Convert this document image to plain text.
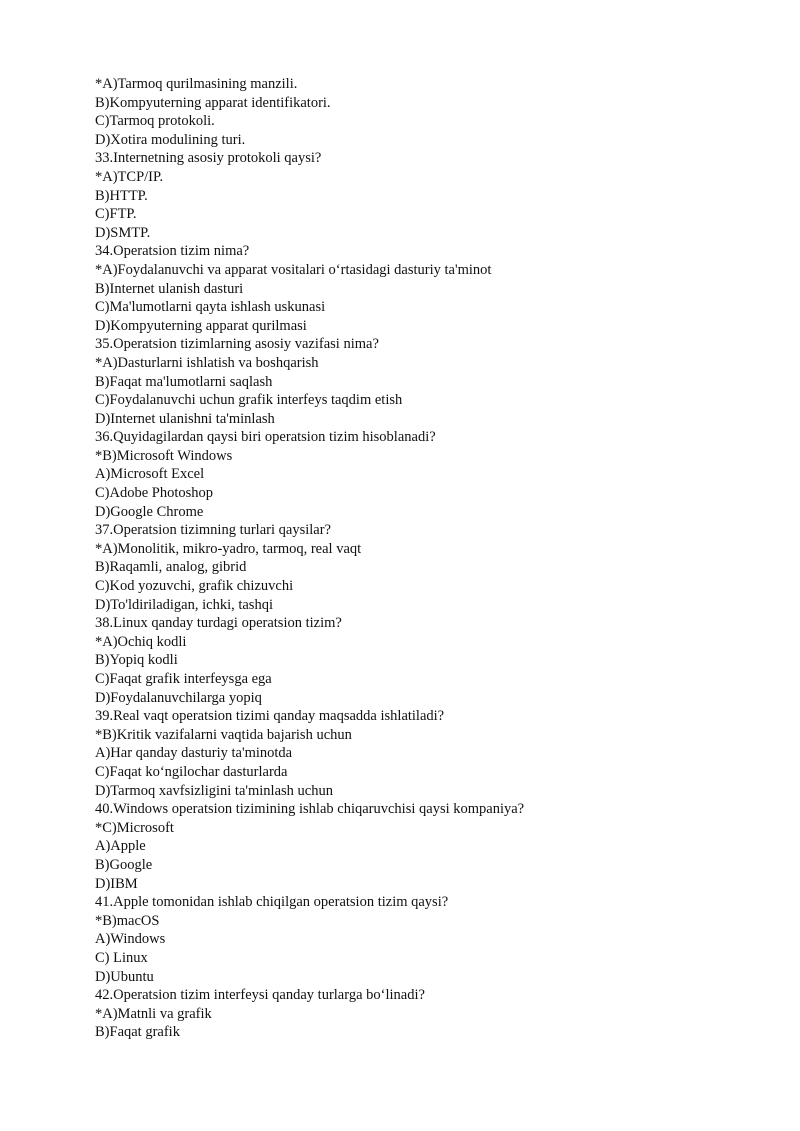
*A)Tarmoq qurilmasining manzili.
B)Kompyuterning apparat identifikatori.
C)Tarmoq protokoli.
D)Xotira modulining turi.
33.Internetning asosiy protokoli qaysi?
*A)TCP/IP.
B)HTTP.
C)FTP.
D)SMTP.
34.Operatsion tizim nima?
*A)Foydalanuvchi va apparat vositalari o‘rtasidagi dasturiy ta'minot
B)Internet ulanish dasturi
C)Ma'lumotlarni qayta ishlash uskunasi
D)Kompyuterning apparat qurilmasi
35.Operatsion tizimlarning asosiy vazifasi nima?
*A)Dasturlarni ishlatish va boshqarish
B)Faqat ma'lumotlarni saqlash
C)Foydalanuvchi uchun grafik interfeys taqdim etish
D)Internet ulanishni ta'minlash
36.Quyidagilardan qaysi biri operatsion tizim hisoblanadi?
*B)Microsoft Windows
A)Microsoft Excel
C)Adobe Photoshop
D)Google Chrome
37.Operatsion tizimning turlari qaysilar?
*A)Monolitik, mikro-yadro, tarmoq, real vaqt
B)Raqamli, analog, gibrid
C)Kod yozuvchi, grafik chizuvchi
D)To'ldiriladigan, ichki, tashqi
38.Linux qanday turdagi operatsion tizim?
*A)Ochiq kodli
B)Yopiq kodli
C)Faqat grafik interfeysga ega
D)Foydalanuvchilarga yopiq
39.Real vaqt operatsion tizimi qanday maqsadda ishlatiladi?
*B)Kritik vazifalarni vaqtida bajarish uchun
A)Har qanday dasturiy ta'minotda
C)Faqat ko‘ngilochar dasturlarda
D)Tarmoq xavfsizligini ta'minlash uchun
40.Windows operatsion tizimining ishlab chiqaruvchisi qaysi kompaniya?
*C)Microsoft
A)Apple
B)Google
D)IBM
41.Apple tomonidan ishlab chiqilgan operatsion tizim qaysi?
*B)macOS
A)Windows
C) Linux
D)Ubuntu
42.Operatsion tizim interfeysi qanday turlarga bo‘linadi?
*A)Matnli va grafik
B)Faqat grafik
